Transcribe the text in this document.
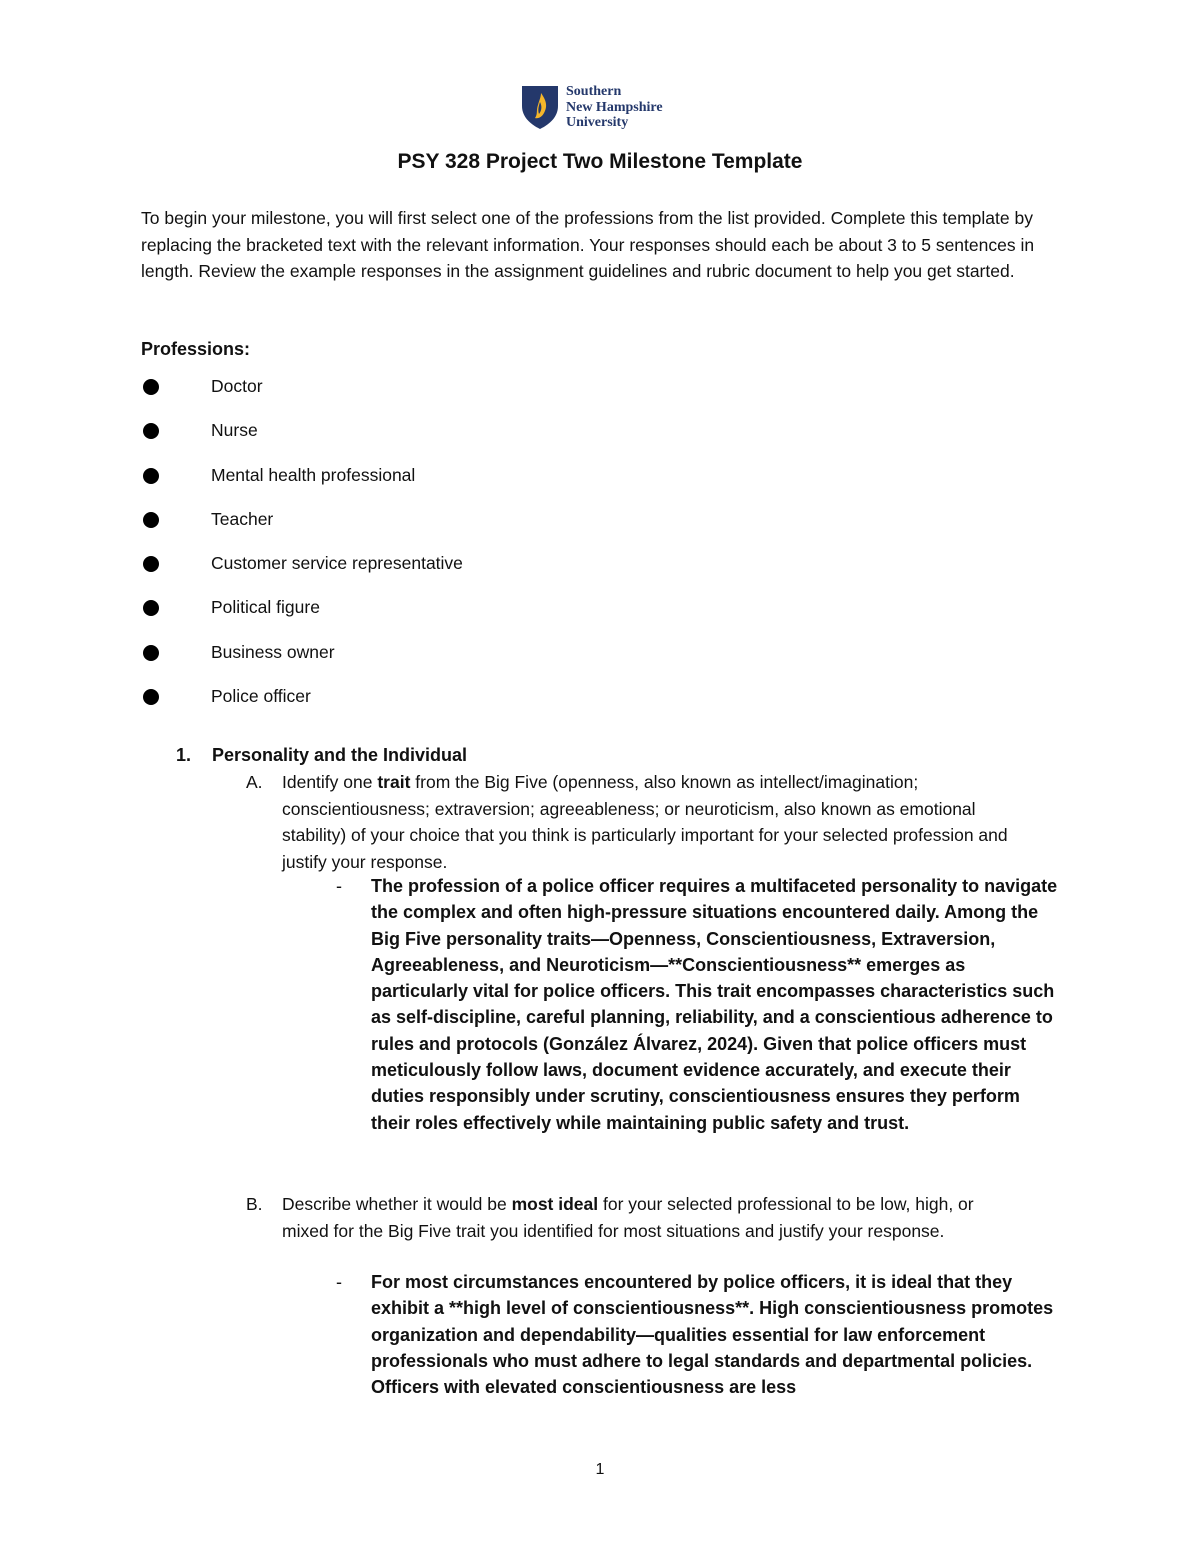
Southern
New Hampshire
University
PSY 328 Project Two Milestone Template
To begin your milestone, you will first select one of the professions from the list provided. Complete this template by replacing the bracketed text with the relevant information. Your responses should each be about 3 to 5 sentences in length. Review the example responses in the assignment guidelines and rubric document to help you get started.
Professions:
Doctor
Nurse
Mental health professional
Teacher
Customer service representative
Political figure
Business owner
Police officer
1. Personality and the Individual
A. Identify one trait from the Big Five (openness, also known as intellect/imagination; conscientiousness; extraversion; agreeableness; or neuroticism, also known as emotional stability) of your choice that you think is particularly important for your selected profession and justify your response.
- The profession of a police officer requires a multifaceted personality to navigate the complex and often high-pressure situations encountered daily. Among the Big Five personality traits—Openness, Conscientiousness, Extraversion, Agreeableness, and Neuroticism—**Conscientiousness** emerges as particularly vital for police officers. This trait encompasses characteristics such as self-discipline, careful planning, reliability, and a conscientious adherence to rules and protocols (González Álvarez, 2024). Given that police officers must meticulously follow laws, document evidence accurately, and execute their duties responsibly under scrutiny, conscientiousness ensures they perform their roles effectively while maintaining public safety and trust.
B. Describe whether it would be most ideal for your selected professional to be low, high, or mixed for the Big Five trait you identified for most situations and justify your response.
- For most circumstances encountered by police officers, it is ideal that they exhibit a **high level of conscientiousness**. High conscientiousness promotes organization and dependability—qualities essential for law enforcement professionals who must adhere to legal standards and departmental policies. Officers with elevated conscientiousness are less
1
